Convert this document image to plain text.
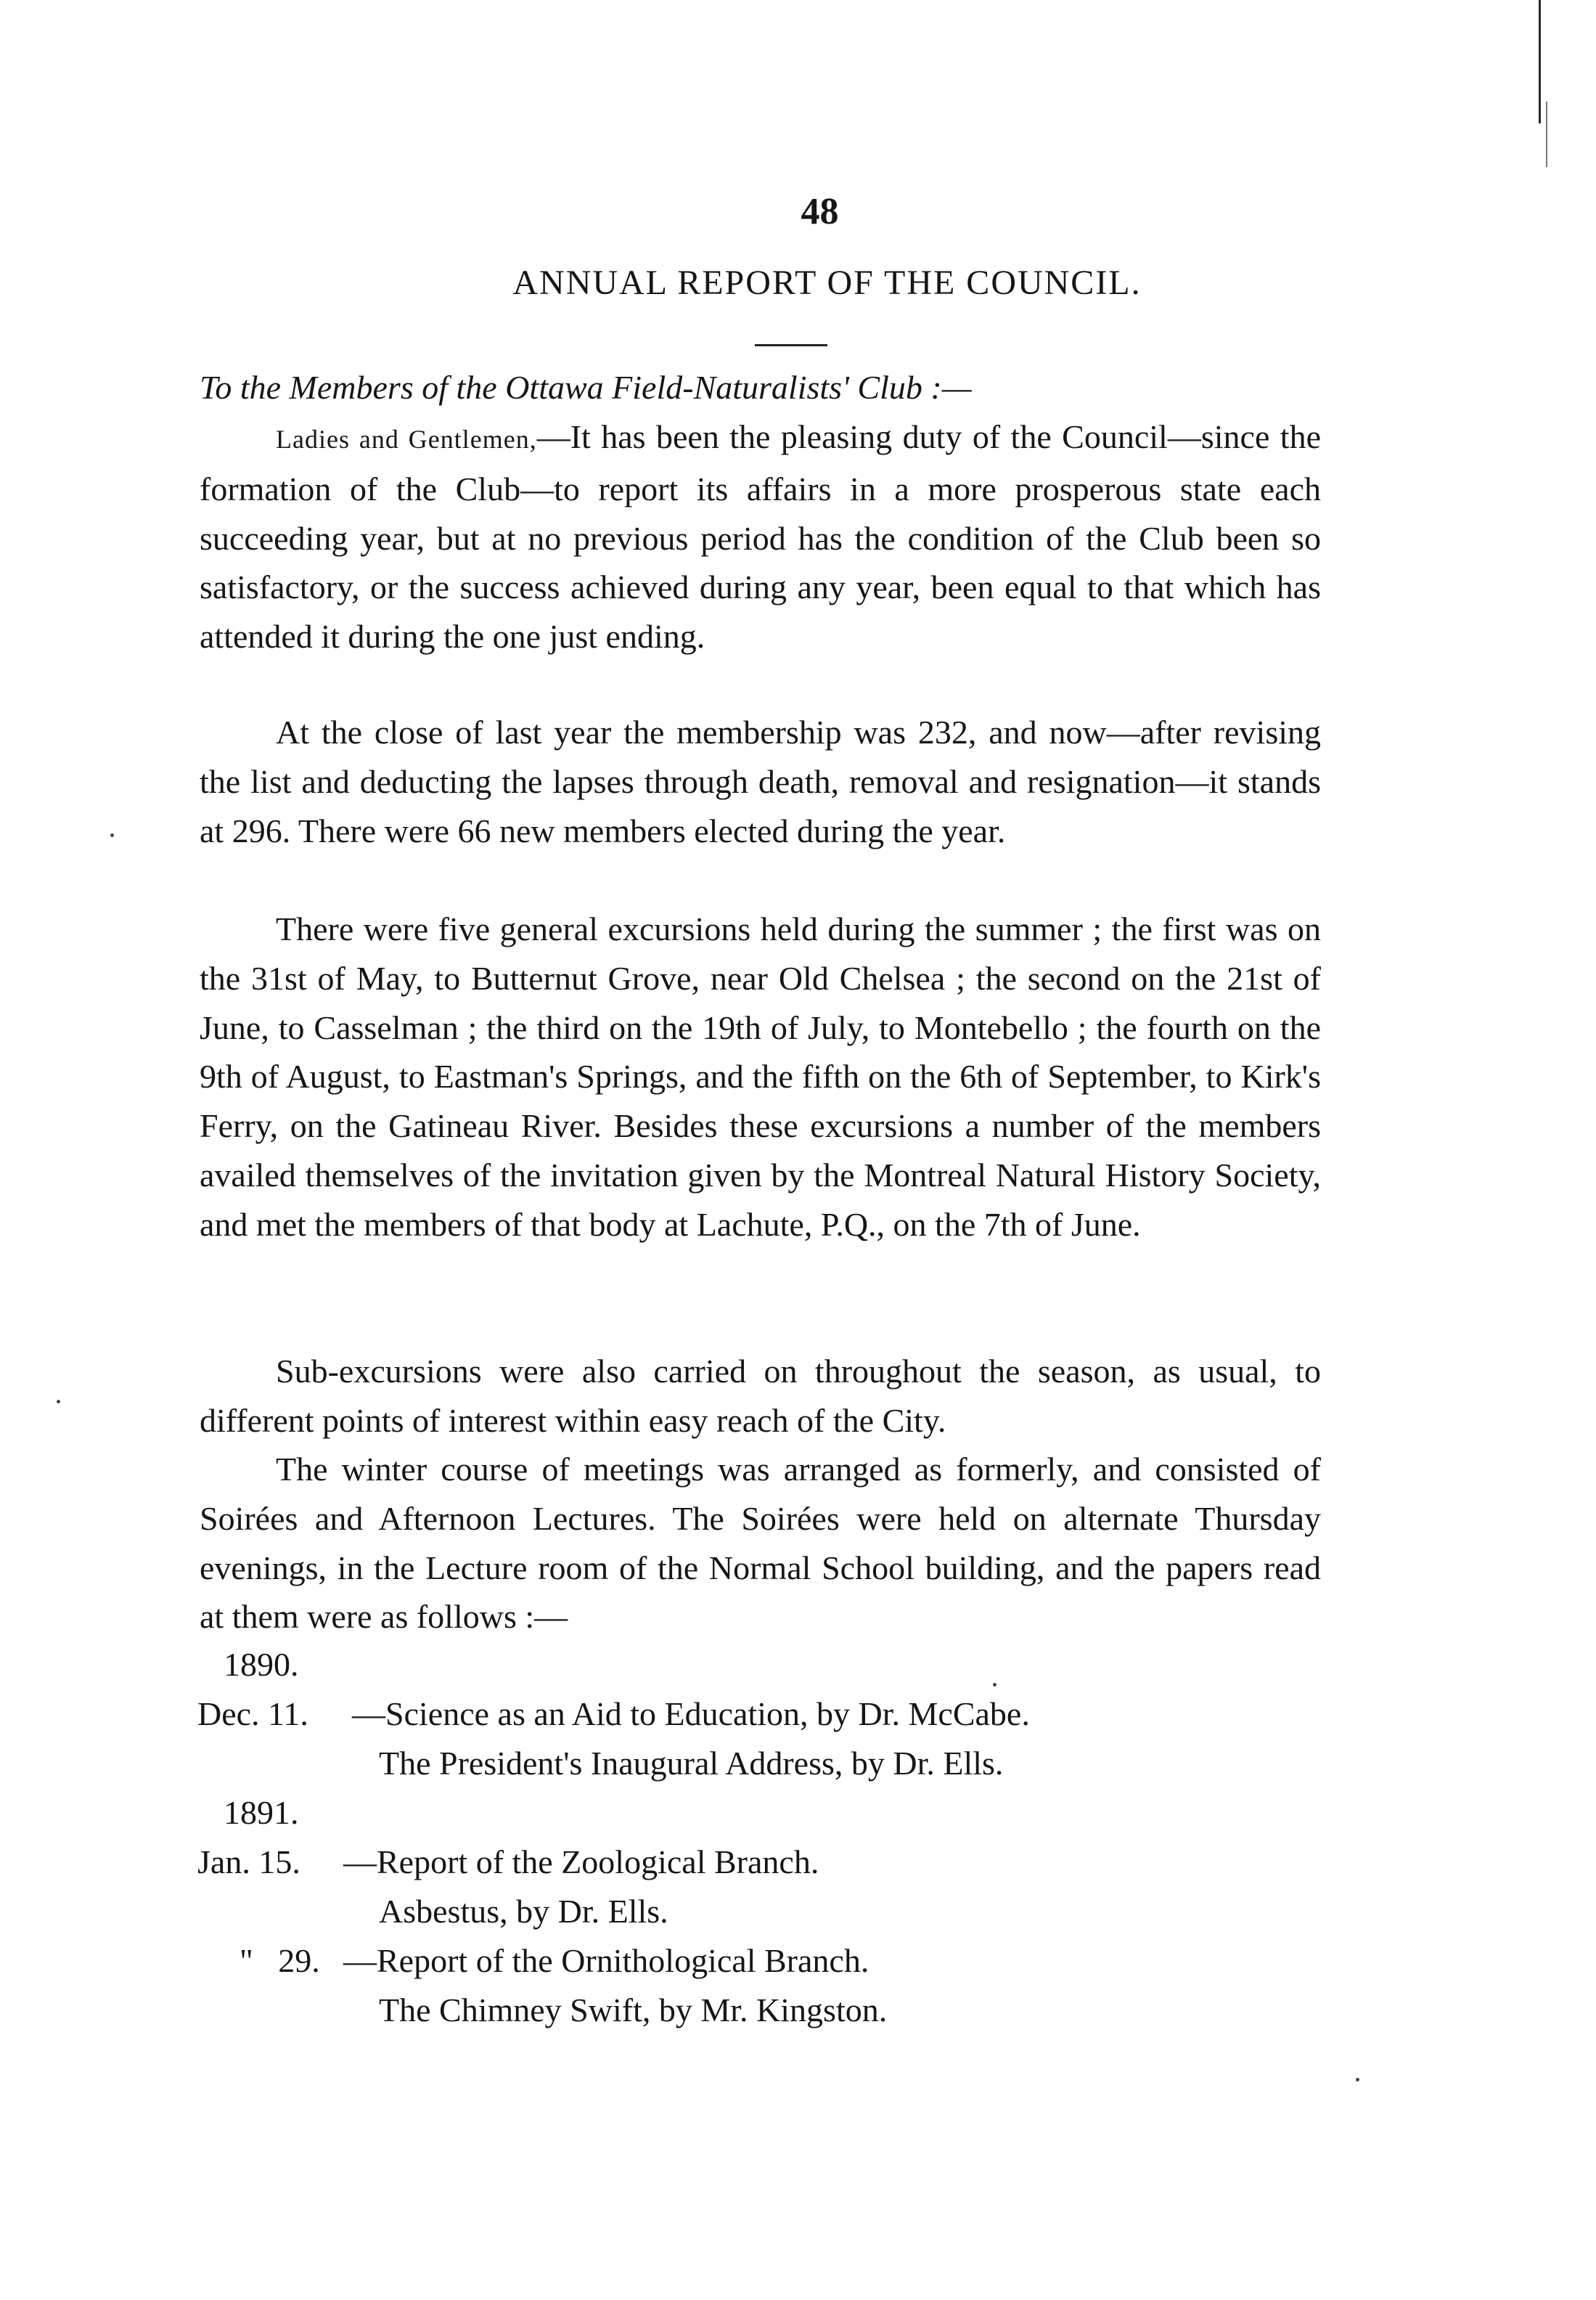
48
ANNUAL REPORT OF THE COUNCIL.
To the Members of the Ottawa Field-Naturalists' Club :—

Ladies and Gentlemen,—It has been the pleasing duty of the Council—since the formation of the Club—to report its affairs in a more prosperous state each succeeding year, but at no previous period has the condition of the Club been so satisfactory, or the success achieved during any year, been equal to that which has attended it during the one just ending.

At the close of last year the membership was 232, and now—after revising the list and deducting the lapses through death, removal and resignation—it stands at 296. There were 66 new members elected during the year.

There were five general excursions held during the summer ; the first was on the 31st of May, to Butternut Grove, near Old Chelsea ; the second on the 21st of June, to Casselman ; the third on the 19th of July, to Montebello ; the fourth on the 9th of August, to Eastman's Springs, and the fifth on the 6th of September, to Kirk's Ferry, on the Gatineau River. Besides these excursions a number of the members availed themselves of the invitation given by the Montreal Natural History Society, and met the members of that body at Lachute, P.Q., on the 7th of June.

Sub-excursions were also carried on throughout the season, as usual, to different points of interest within easy reach of the City.

The winter course of meetings was arranged as formerly, and consisted of Soirées and Afternoon Lectures. The Soirées were held on alternate Thursday evenings, in the Lecture room of the Normal School building, and the papers read at them were as follows :—

1890.
Dec. 11. —Science as an Aid to Education, by Dr. McCabe.
The President's Inaugural Address, by Dr. Ells.
1891.
Jan. 15. —Report of the Zoological Branch.
Asbestus, by Dr. Ells.
"   29. —Report of the Ornithological Branch.
The Chimney Swift, by Mr. Kingston.
